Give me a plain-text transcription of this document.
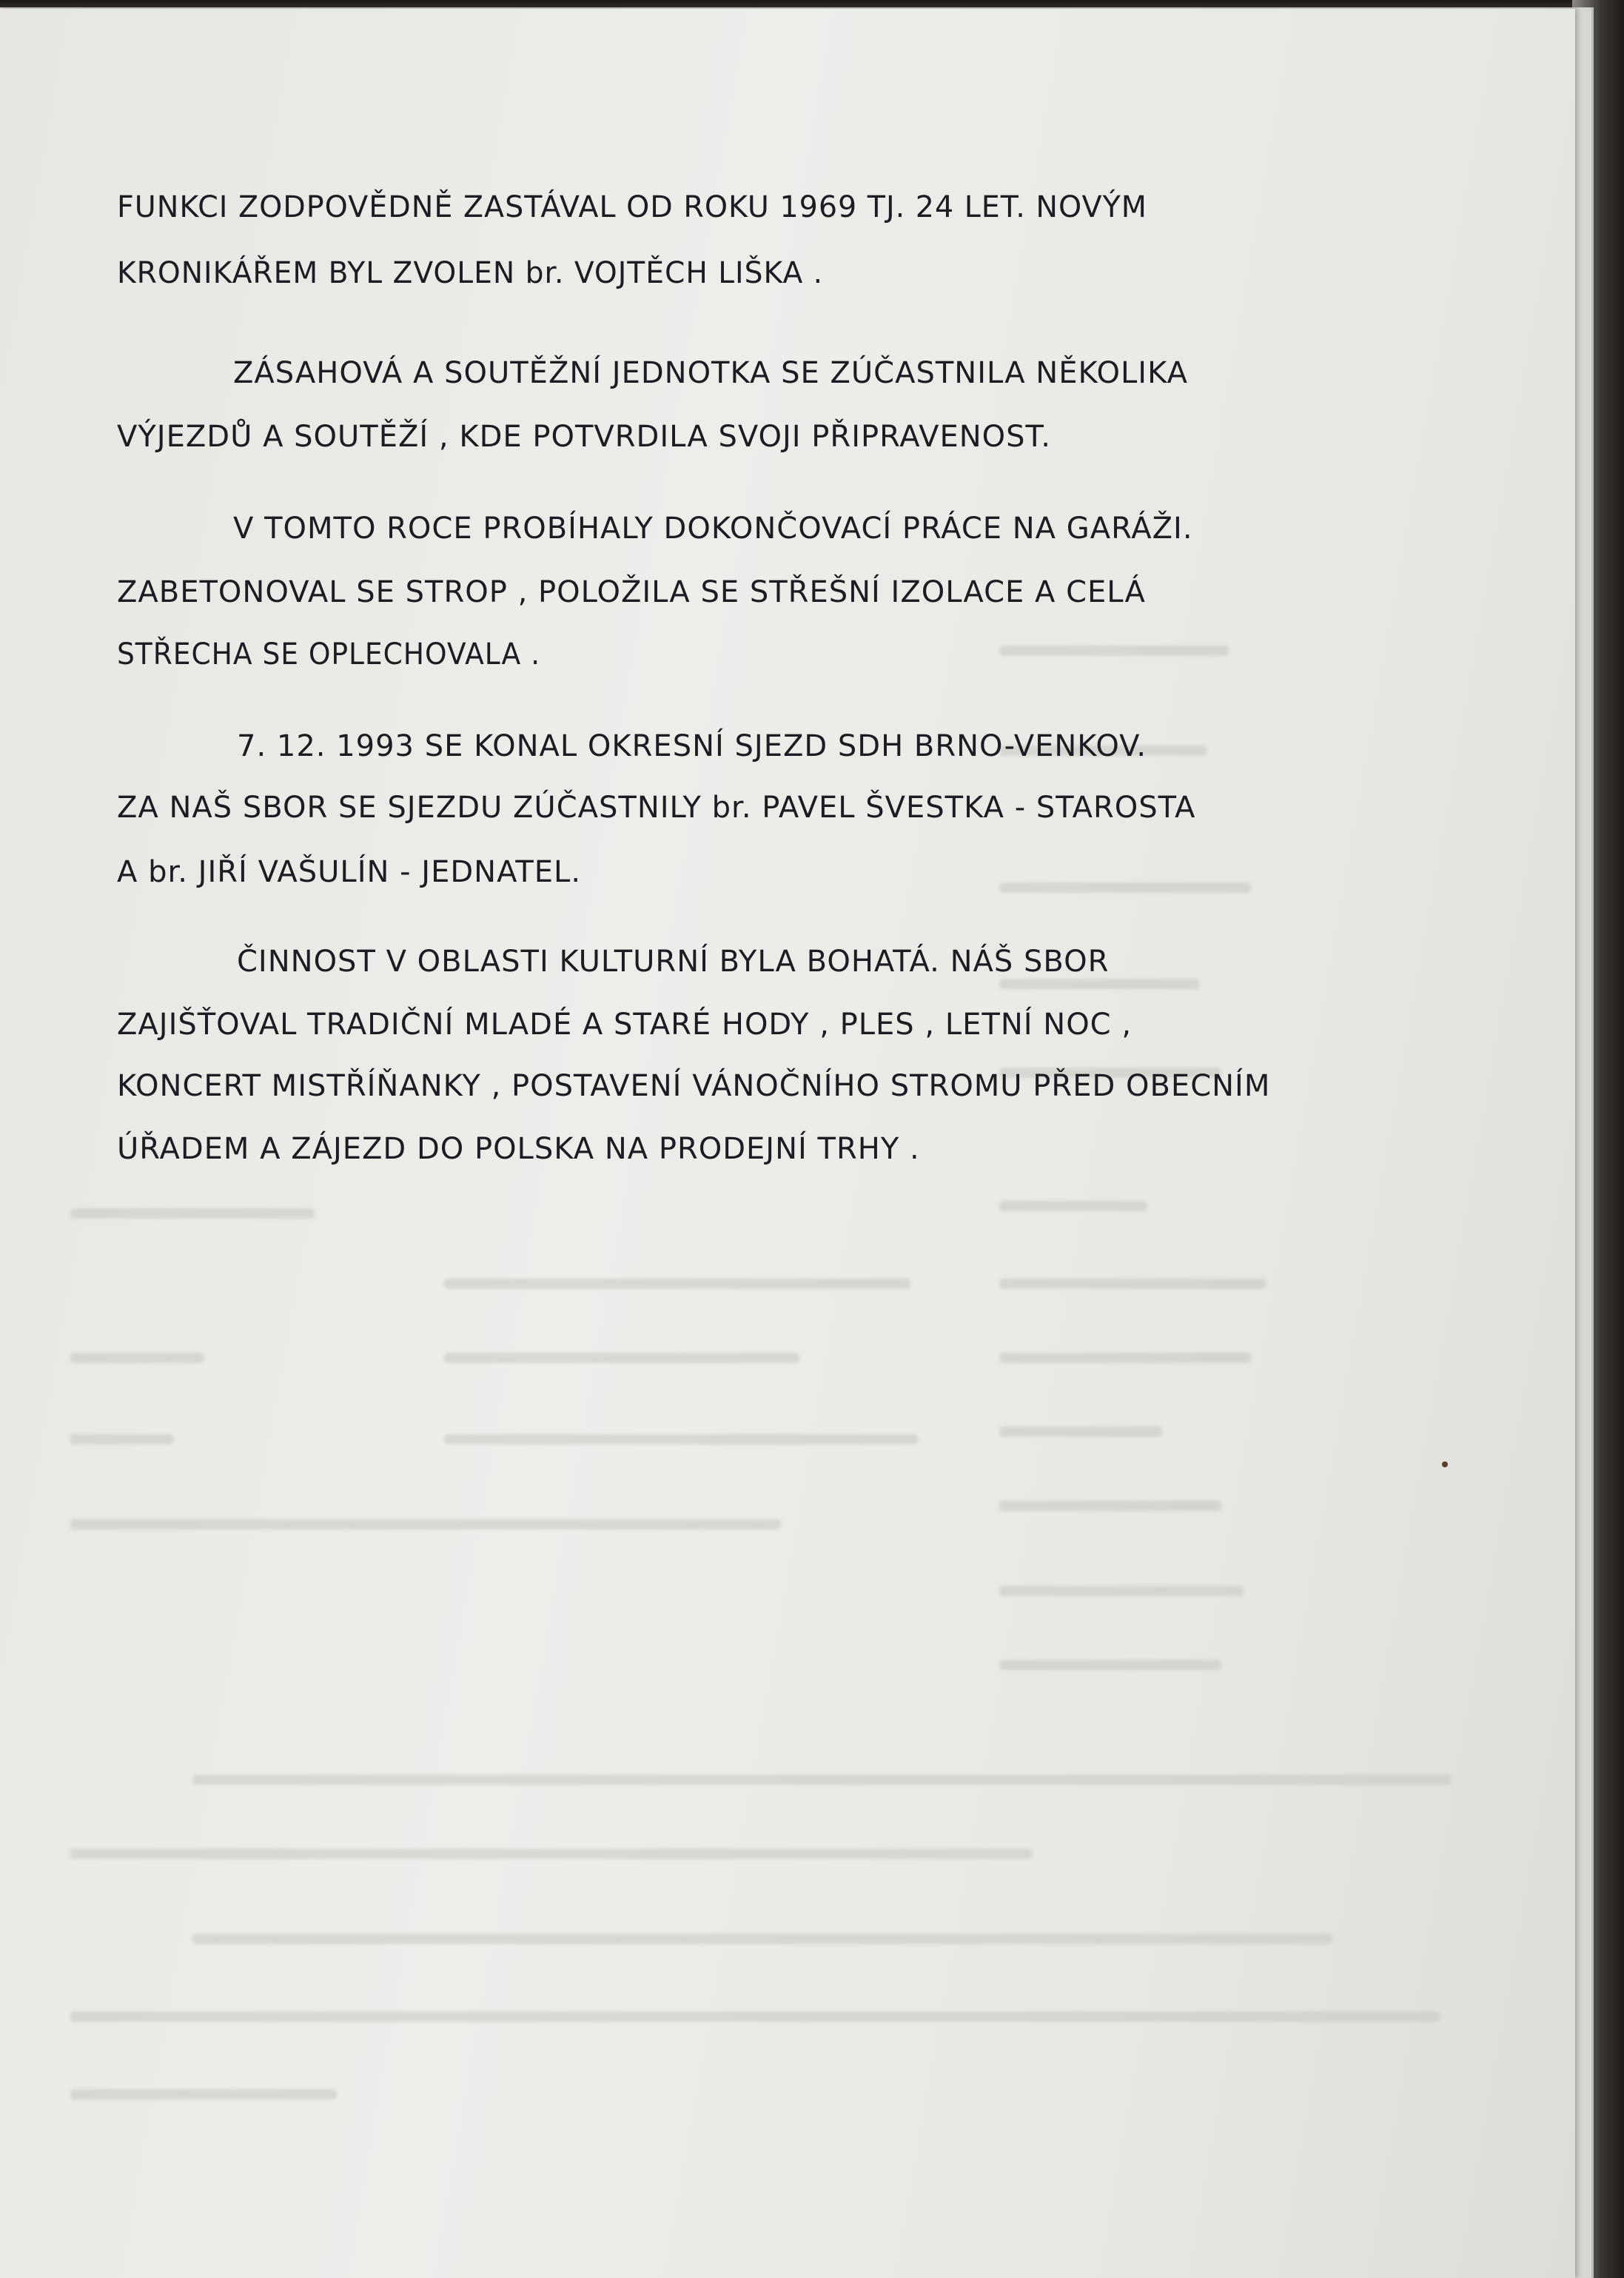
FUNKCI ZODPOVĚDNĚ ZASTÁVAL OD ROKU 1969 TJ. 24 LET. NOVÝM
KRONIKÁŘEM BYL ZVOLEN br. VOJTĚCH LIŠKA .
ZÁSAHOVÁ A SOUTĚŽNÍ JEDNOTKA SE ZÚČASTNILA NĚKOLIKA
VÝJEZDŮ A SOUTĚŽÍ , KDE POTVRDILA SVOJI PŘIPRAVENOST.
V TOMTO ROCE PROBÍHALY DOKONČOVACÍ PRÁCE NA GARÁŽI.
ZABETONOVAL SE STROP , POLOŽILA SE STŘEŠNÍ IZOLACE A CELÁ
STŘECHA SE OPLECHOVALA .
7. 12. 1993 SE KONAL OKRESNÍ SJEZD SDH BRNO-VENKOV.
ZA NAŠ SBOR SE SJEZDU ZÚČASTNILY br. PAVEL ŠVESTKA - STAROSTA
A br. JIŘÍ VAŠULÍN - JEDNATEL.
ČINNOST V OBLASTI KULTURNÍ BYLA BOHATÁ. NÁŠ SBOR
ZAJIŠŤOVAL TRADIČNÍ MLADÉ A STARÉ HODY , PLES , LETNÍ NOC ,
KONCERT MISTŘÍŇANKY , POSTAVENÍ VÁNOČNÍHO STROMU PŘED OBECNÍM
ÚŘADEM A ZÁJEZD DO POLSKA NA PRODEJNÍ TRHY .
